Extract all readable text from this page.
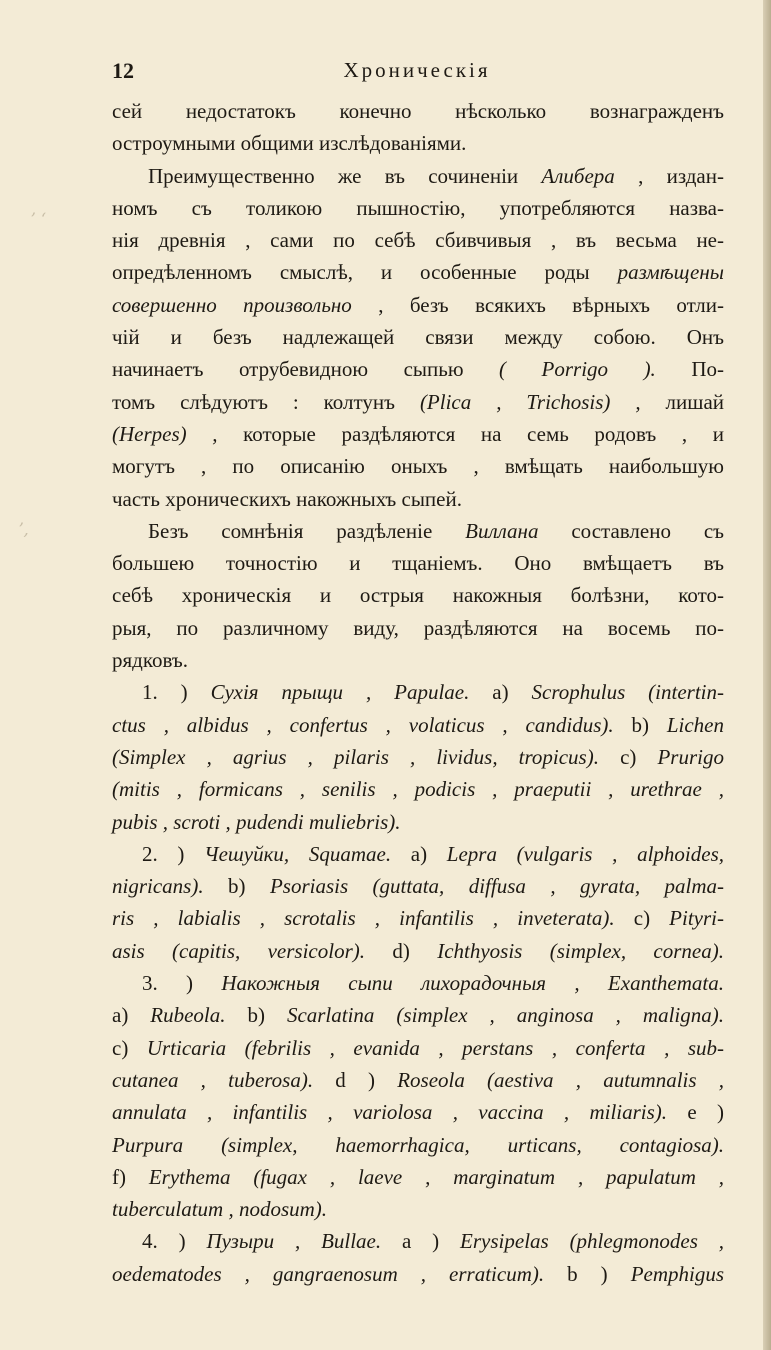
12	Хроническія
ʼ ʻ
ʼ,
сей недостатокъ конечно нѣсколько вознагражденъ
остроумными общими изслѣдованіями.
Преимущественно же въ сочиненіи Алибера , издан-
номъ съ толикою пышностію, употребляются назва-
нія древнія , сами по себѣ сбивчивыя , въ весьма не-
опредѣленномъ смыслѣ, и особенные роды размѣщены
совершенно произвольно , безъ всякихъ вѣрныхъ отли-
чій и безъ надлежащей связи между собою. Онъ
начинаетъ отрубевидною сыпью ( Porrigo ). По-
томъ слѣдуютъ : колтунъ (Plica , Trichosis) , лишай
(Herpes) , которые раздѣляются на семь родовъ , и
могутъ , по описанію оныхъ , вмѣщать наибольшую
часть хроническихъ накожныхъ сыпей.
Безъ сомнѣнія раздѣленіе Виллана составлено съ
большею точностію и тщаніемъ. Оно вмѣщаетъ въ
себѣ хроническія и острыя накожныя болѣзни, кото-
рыя, по различному виду, раздѣляются на восемь по-
рядковъ.
1. ) Сухія прыщи , Papulae. a) Scrophulus (intertin-
ctus , albidus , confertus , volaticus , candidus). b) Lichen
(Simplex , agrius , pilaris , lividus, tropicus). c) Prurigo
(mitis , formicans , senilis , podicis , praeputii , urethrae ,
pubis , scroti , pudendi muliebris).
2. ) Чешуйки, Squamae. a) Lepra (vulgaris , alphoides,
nigricans). b) Psoriasis (guttata, diffusa , gyrata, palma-
ris , labialis , scrotalis , infantilis , inveterata). c) Pityri-
asis (capitis, versicolor). d) Ichthyosis (simplex, cornea).
3. ) Накожныя сыпи лихорадочныя , Exanthemata.
a) Rubeola. b) Scarlatina (simplex , anginosa , maligna).
c) Urticaria (febrilis , evanida , perstans , conferta , sub-
cutanea , tuberosa). d ) Roseola (aestiva , autumnalis ,
annulata , infantilis , variolosa , vaccina , miliaris). e )
Purpura (simplex, haemorrhagica, urticans, contagiosa).
f) Erythema (fugax , laeve , marginatum , papulatum ,
tuberculatum , nodosum).
4. ) Пузыри , Bullae. a ) Erysipelas (phlegmonodes ,
oedematodes , gangraenosum , erraticum). b ) Pemphigus
